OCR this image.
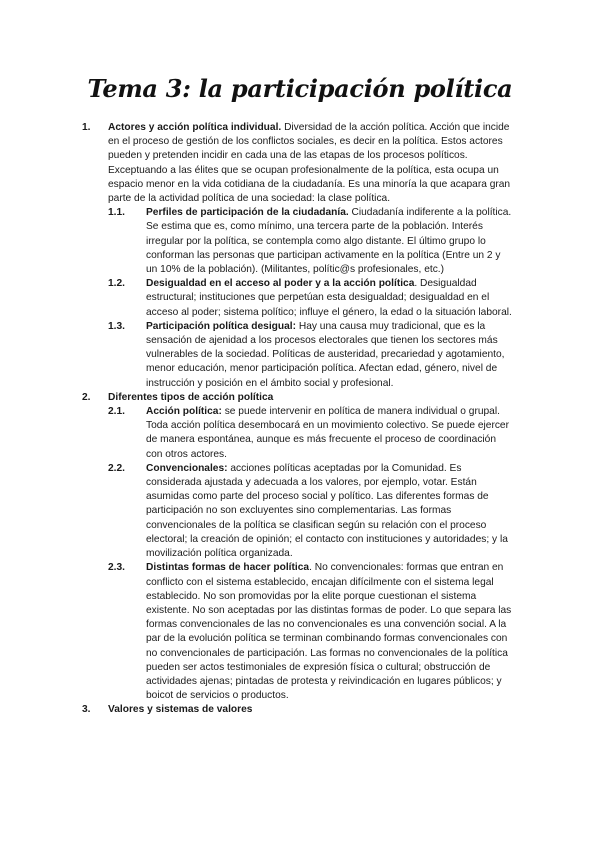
Tema 3: la participación política
1. Actores y acción política individual. Diversidad de la acción política. Acción que incide en el proceso de gestión de los conflictos sociales, es decir en la política. Estos actores pueden y pretenden incidir en cada una de las etapas de los procesos políticos. Exceptuando a las élites que se ocupan profesionalmente de la política, esta ocupa un espacio menor en la vida cotidiana de la ciudadanía. Es una minoría la que acapara gran parte de la actividad política de una sociedad: la clase política.
1.1. Perfiles de participación de la ciudadanía. Ciudadanía indiferente a la política. Se estima que es, como mínimo, una tercera parte de la población. Interés irregular por la política, se contempla como algo distante. El último grupo lo conforman las personas que participan activamente en la política (Entre un 2 y un 10% de la población). (Militantes, polític@s profesionales, etc.)
1.2. Desigualdad en el acceso al poder y a la acción política. Desigualdad estructural; instituciones que perpetúan esta desigualdad; desigualdad en el acceso al poder; sistema político; influye el género, la edad o la situación laboral.
1.3. Participación política desigual: Hay una causa muy tradicional, que es la sensación de ajenidad a los procesos electorales que tienen los sectores más vulnerables de la sociedad. Políticas de austeridad, precariedad y agotamiento, menor educación, menor participación política. Afectan edad, género, nivel de instrucción y posición en el ámbito social y profesional.
2. Diferentes tipos de acción política
2.1. Acción política: se puede intervenir en política de manera individual o grupal. Toda acción política desembocará en un movimiento colectivo. Se puede ejercer de manera espontánea, aunque es más frecuente el proceso de coordinación con otros actores.
2.2. Convencionales: acciones políticas aceptadas por la Comunidad. Es considerada ajustada y adecuada a los valores, por ejemplo, votar. Están asumidas como parte del proceso social y político. Las diferentes formas de participación no son excluyentes sino complementarias. Las formas convencionales de la política se clasifican según su relación con el proceso electoral; la creación de opinión; el contacto con instituciones y autoridades; y la movilización política organizada.
2.3. Distintas formas de hacer política. No convencionales: formas que entran en conflicto con el sistema establecido, encajan difícilmente con el sistema legal establecido. No son promovidas por la elite porque cuestionan el sistema existente. No son aceptadas por las distintas formas de poder. Lo que separa las formas convencionales de las no convencionales es una convención social. A la par de la evolución política se terminan combinando formas convencionales con no convencionales de participación. Las formas no convencionales de la política pueden ser actos testimoniales de expresión física o cultural; obstrucción de actividades ajenas; pintadas de protesta y reivindicación en lugares públicos; y boicot de servicios o productos.
3. Valores y sistemas de valores
